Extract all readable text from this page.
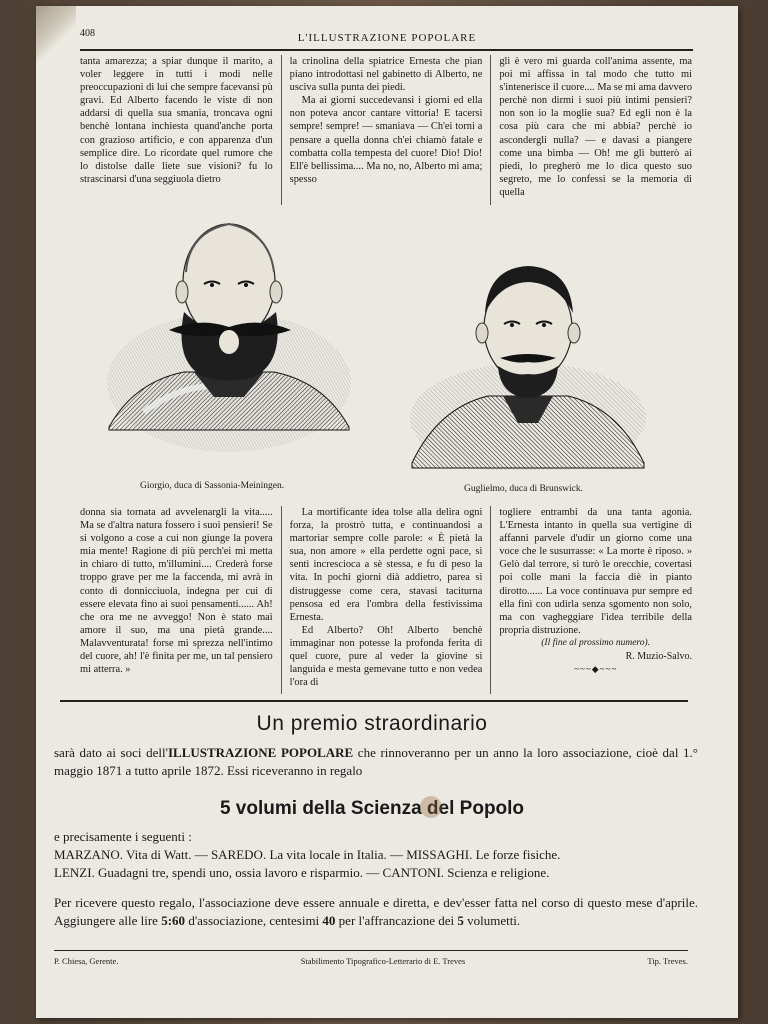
408	L'ILLUSTRAZIONE POPOLARE

tanta amarezza; a spiar dunque il marito, a voler leggere in tutti i modi nelle preoccupazioni di lui che sempre facevansi pù gravi. Ed Alberto facendo le viste di non addarsi di quella sua smania, troncava ogni benchè lontana inchiesta quand'anche porta con grazioso artificio, e con apparenza d'un semplice dire. Lo ricordate quel rumore che lo distolse dalle liete sue visioni? fu lo strascinarsi d'una seggiuola dietro

la crinolina della spiatrice Ernesta che pian piano introdottasi nel gabinetto di Alberto, ne usciva sulla punta dei piedi.

Ma ai giorni succedevansi i giorni ed ella non poteva ancor cantare vittoria! E tacersi sempre! sempre! — smaniava — Ch'ei torni a pensare a quella donna ch'ei chiamò fatale e combatta colla tempesta del cuore! Dio! Dio! Ell'è bellissima.... Ma no, no, Alberto mi ama; spesso

gli è vero mi guarda coll'anima assente, ma poi mi affissa in tal modo che tutto mi s'intenerisce il cuore.... Ma se mi ama davvero perchè non dirmi i suoi più intimi pensieri? non son io la moglie sua? Ed egli non è la cosa più cara che mi abbia? perchè io ascondergli nulla? — e davasi a piangere come una bimba — Oh! me gli butterò ai piedi, lo pregherò me lo dica questo suo segreto, me lo confessi se la memoria di quella

Giorgio, duca di Sassonia-Meiningen.	Guglielmo, duca di Brunswick.

donna sia tornata ad avvelenargli la vita..... Ma se d'altra natura fossero i suoi pensieri! Se si volgono a cose a cui non giunge la povera mia mente! Ragione di più perch'ei mi metta in chiaro di tutto, m'illumini.... Crederà forse troppo grave per me la faccenda, mi avrà in conto di donnicciuola, indegna per cui di essere elevata fino ai suoi pensamenti...... Ah! che ora me ne avveggo! Non è stato mai amore il suo, ma una pietà grande.... Malavventurata! forse mi sprezza nell'intimo del cuore, ah! l'è finita per me, un tal pensiero mi atterra. »

La mortificante idea tolse alla delira ogni forza, la prostrò tutta, e continuandosi a martoriar sempre colle parole: « È pietà la sua, non amore » ella perdette ogni pace, si sentì increscioса a sè stessa, e fu di peso la vita. In pochi giorni dià addietro, parea si distruggesse come cera, stavasi taciturna pensosa ed era l'ombra della festivissima Ernesta.

Ed Alberto? Oh! Alberto benchè immaginar non potesse la profonda ferita di quel cuore, pure al veder la giovine si languida e mesta gemevane tutto e non vedea l'ora di

togliere entrambi da una tanta agonia. L'Ernesta intanto in quella sua vertigine di affanni parvele d'udir un giorno come una voce che le susurrasse: « La morte è riposo. » Gelò dal terrore, si turò le orecchie, covertasi poi colle mani la faccia diè in pianto dirotto...... La voce continuava pur sempre ed ella finì con udirla senza sgomento non solo, ma con vagheggiare l'idea terribile della propria distruzione.

(Il fine al prossimo numero).

R. Muzio-Salvo.

~~~◆~~~

Un premio straordinario
sarà dato ai soci dell'ILLUSTRAZIONE POPOLARE che rinnoveranno per un anno la loro associazione, cioè dal 1.° maggio 1871 a tutto aprile 1872. Essi riceveranno in regalo
5 volumi della Scienza del Popolo
e precisamente i seguenti :
MARZANO. Vita di Watt. — SAREDO. La vita locale in Italia. — MISSAGHI. Le forze fisiche.
LENZI. Guadagni tre, spendi uno, ossia lavoro e risparmio. — CANTONI. Scienza e religione.
Per ricevere questo regalo, l'associazione deve essere annuale e diretta, e dev'esser fatta nel corso di questo mese d'aprile. Aggiungere alle lire 5:60 d'associazione, centesimi 40 per l'affrancazione dei 5 volumetti.
P. Chiesa, Gerente.	Stabilimento Tipografico-Letterario di E. Treves	Tip. Treves.
